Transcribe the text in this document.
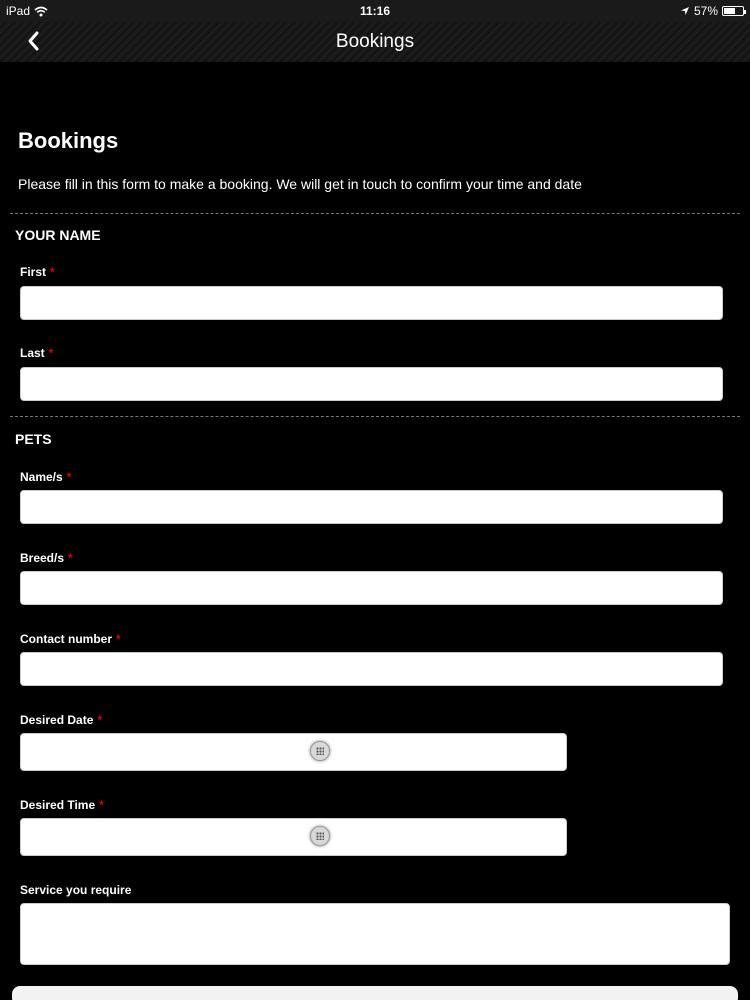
iPad	11:16	57%
Bookings
Bookings
Please fill in this form to make a booking. We will get in touch to confirm your time and date
YOUR NAME
First *
Last *
PETS
Name/s *
Breed/s *
Contact number *
Desired Date *
Desired Time *
Service you require
